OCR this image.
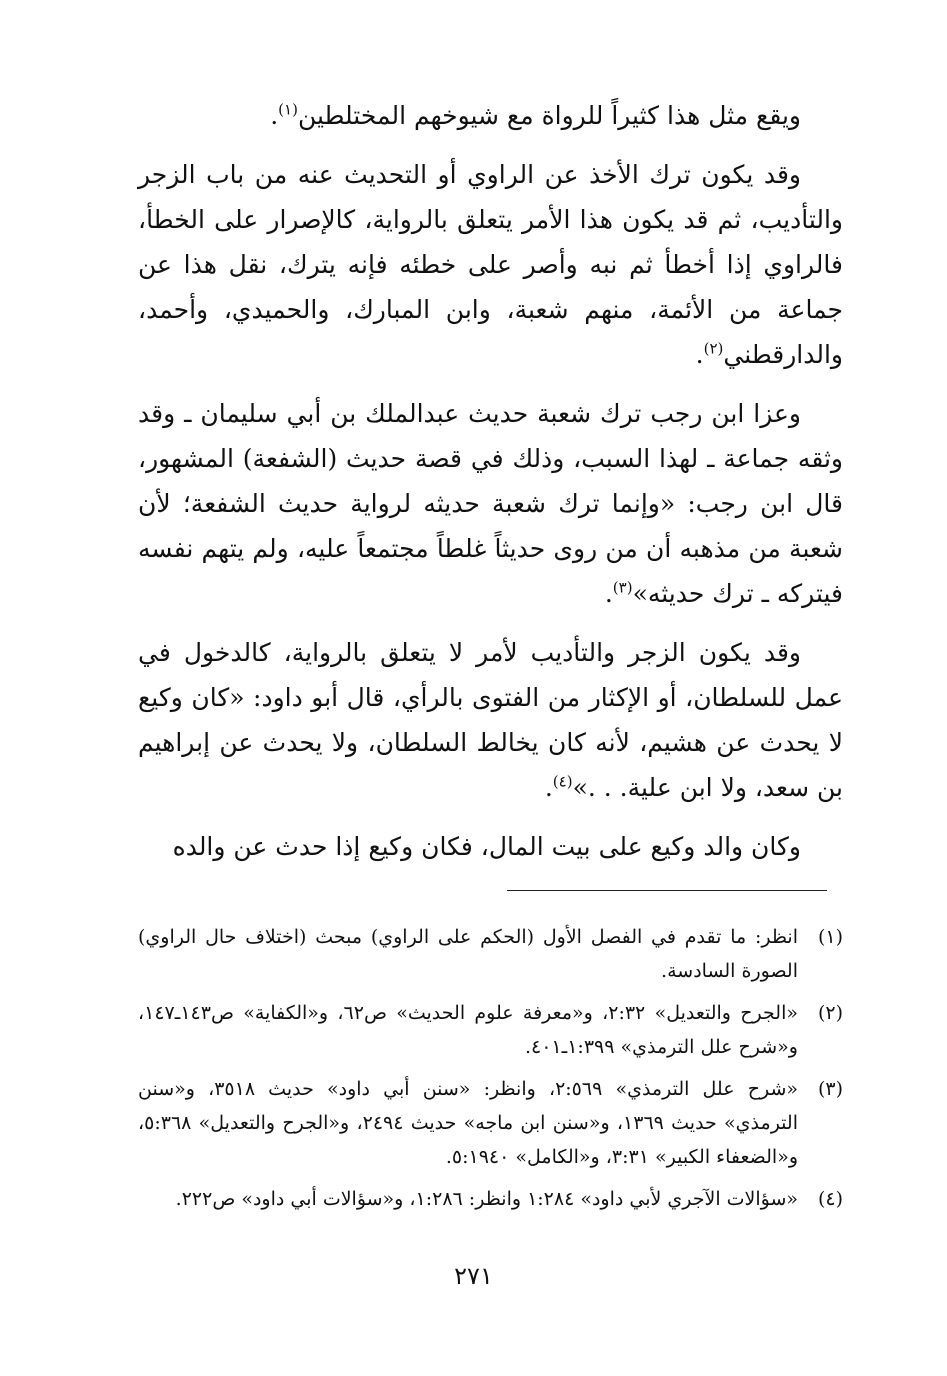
ويقع مثل هذا كثيراً للرواة مع شيوخهم المختلطين$^{(١)}$.

وقد يكون ترك الأخذ عن الراوي أو التحديث عنه من باب الزجر والتأديب، ثم قد يكون هذا الأمر يتعلق بالرواية، كالإصرار على الخطأ، فالراوي إذا أخطأ ثم نبه وأصر على خطئه فإنه يترك، نقل هذا عن جماعة من الأئمة، منهم شعبة، وابن المبارك، والحميدي، وأحمد، والدارقطني$^{(٢)}$.

وعزا ابن رجب ترك شعبة حديث عبدالملك بن أبي سليمان ـ وقد وثقه جماعة ـ لهذا السبب، وذلك في قصة حديث (الشفعة) المشهور، قال ابن رجب: «وإنما ترك شعبة حديثه لرواية حديث الشفعة؛ لأن شعبة من مذهبه أن من روى حديثاً غلطاً مجتمعاً عليه، ولم يتهم نفسه فيتركه ـ ترك حديثه»$^{(٣)}$.

وقد يكون الزجر والتأديب لأمر لا يتعلق بالرواية، كالدخول في عمل للسلطان، أو الإكثار من الفتوى بالرأي، قال أبو داود: «كان وكيع لا يحدث عن هشيم، لأنه كان يخالط السلطان، ولا يحدث عن إبراهيم بن سعد، ولا ابن علية. . .»$^{(٤)}$.

وكان والد وكيع على بيت المال، فكان وكيع إذا حدث عن والده

(١)
انظر: ما تقدم في الفصل الأول (الحكم على الراوي) مبحث (اختلاف حال الراوي) الصورة السادسة.
(٢)
«الجرح والتعديل» ٢:٣٢، و«معرفة علوم الحديث» ص٦٢، و«الكفاية» ص١٤٣ـ١٤٧، و«شرح علل الترمذي» ١:٣٩٩ـ٤٠١.
(٣)
«شرح علل الترمذي» ٢:٥٦٩، وانظر: «سنن أبي داود» حديث ٣٥١٨، و«سنن الترمذي» حديث ١٣٦٩، و«سنن ابن ماجه» حديث ٢٤٩٤، و«الجرح والتعديل» ٥:٣٦٨، و«الضعفاء الكبير» ٣:٣١، و«الكامل» ٥:١٩٤٠.
(٤)
«سؤالات الآجري لأبي داود» ١:٢٨٤ وانظر: ١:٢٨٦، و«سؤالات أبي داود» ص٢٢٢.
٢٧١
